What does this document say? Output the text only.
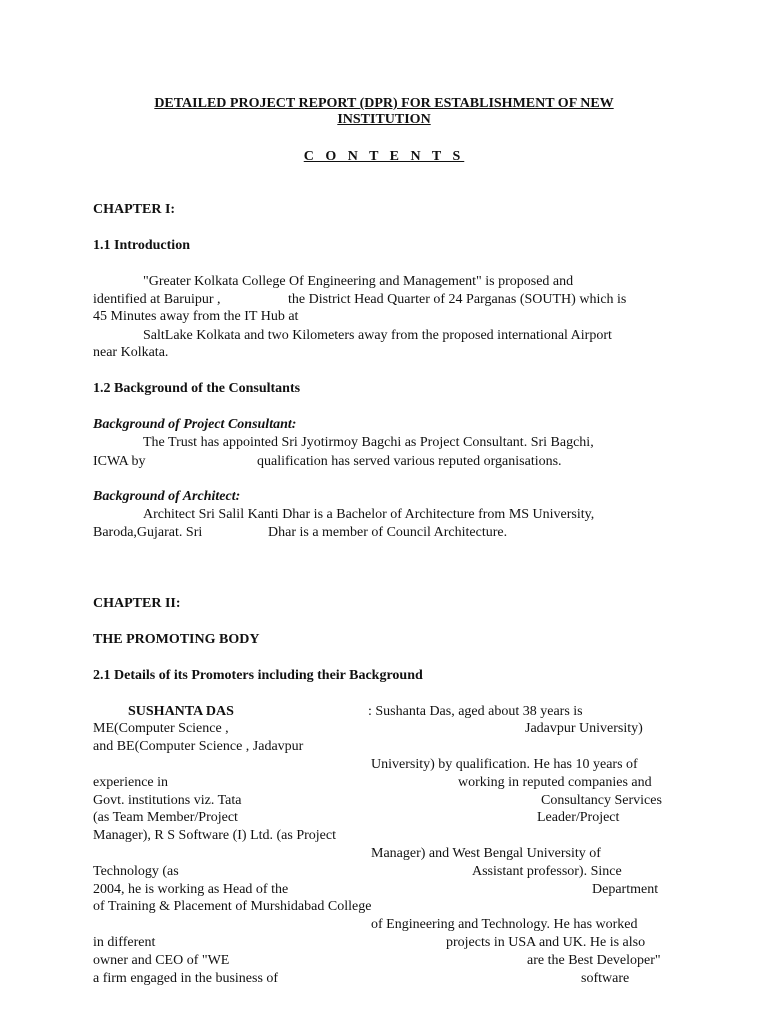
DETAILED PROJECT REPORT (DPR) FOR ESTABLISHMENT OF NEW
INSTITUTION
C O N T E N T S
CHAPTER I:
1.1 Introduction
"Greater Kolkata College Of Engineering and Management" is proposed and
identified at Baruipur ,	the District Head Quarter of 24 Parganas (SOUTH) which is
45 Minutes away from the IT Hub at
SaltLake Kolkata and two Kilometers away from the proposed international Airport
near Kolkata.
1.2 Background of the Consultants
Background of Project Consultant:
The Trust has appointed Sri Jyotirmoy Bagchi as Project Consultant. Sri Bagchi,
ICWA by	qualification has served various reputed organisations.
Background of Architect:
Architect Sri Salil Kanti Dhar is a Bachelor of Architecture from MS University,
Baroda,Gujarat. Sri	Dhar is a member of Council Architecture.
CHAPTER II:
THE PROMOTING BODY
2.1 Details of its Promoters including their Background
SUSHANTA DAS	: Sushanta Das, aged about 38 years is
ME(Computer Science ,	Jadavpur University)
and BE(Computer Science , Jadavpur
University) by qualification. He has 10 years of
experience in	working in reputed companies and
Govt. institutions viz. Tata	Consultancy Services
(as Team Member/Project	Leader/Project
Manager), R S Software (I) Ltd. (as Project
Manager) and West Bengal University of
Technology (as	Assistant professor). Since
2004, he is working as Head of the	Department
of Training & Placement of Murshidabad College
of Engineering and Technology. He has worked
in different	projects in USA and UK. He is also
owner and CEO of "WE	are the Best Developer"
a firm engaged in the business of	software
